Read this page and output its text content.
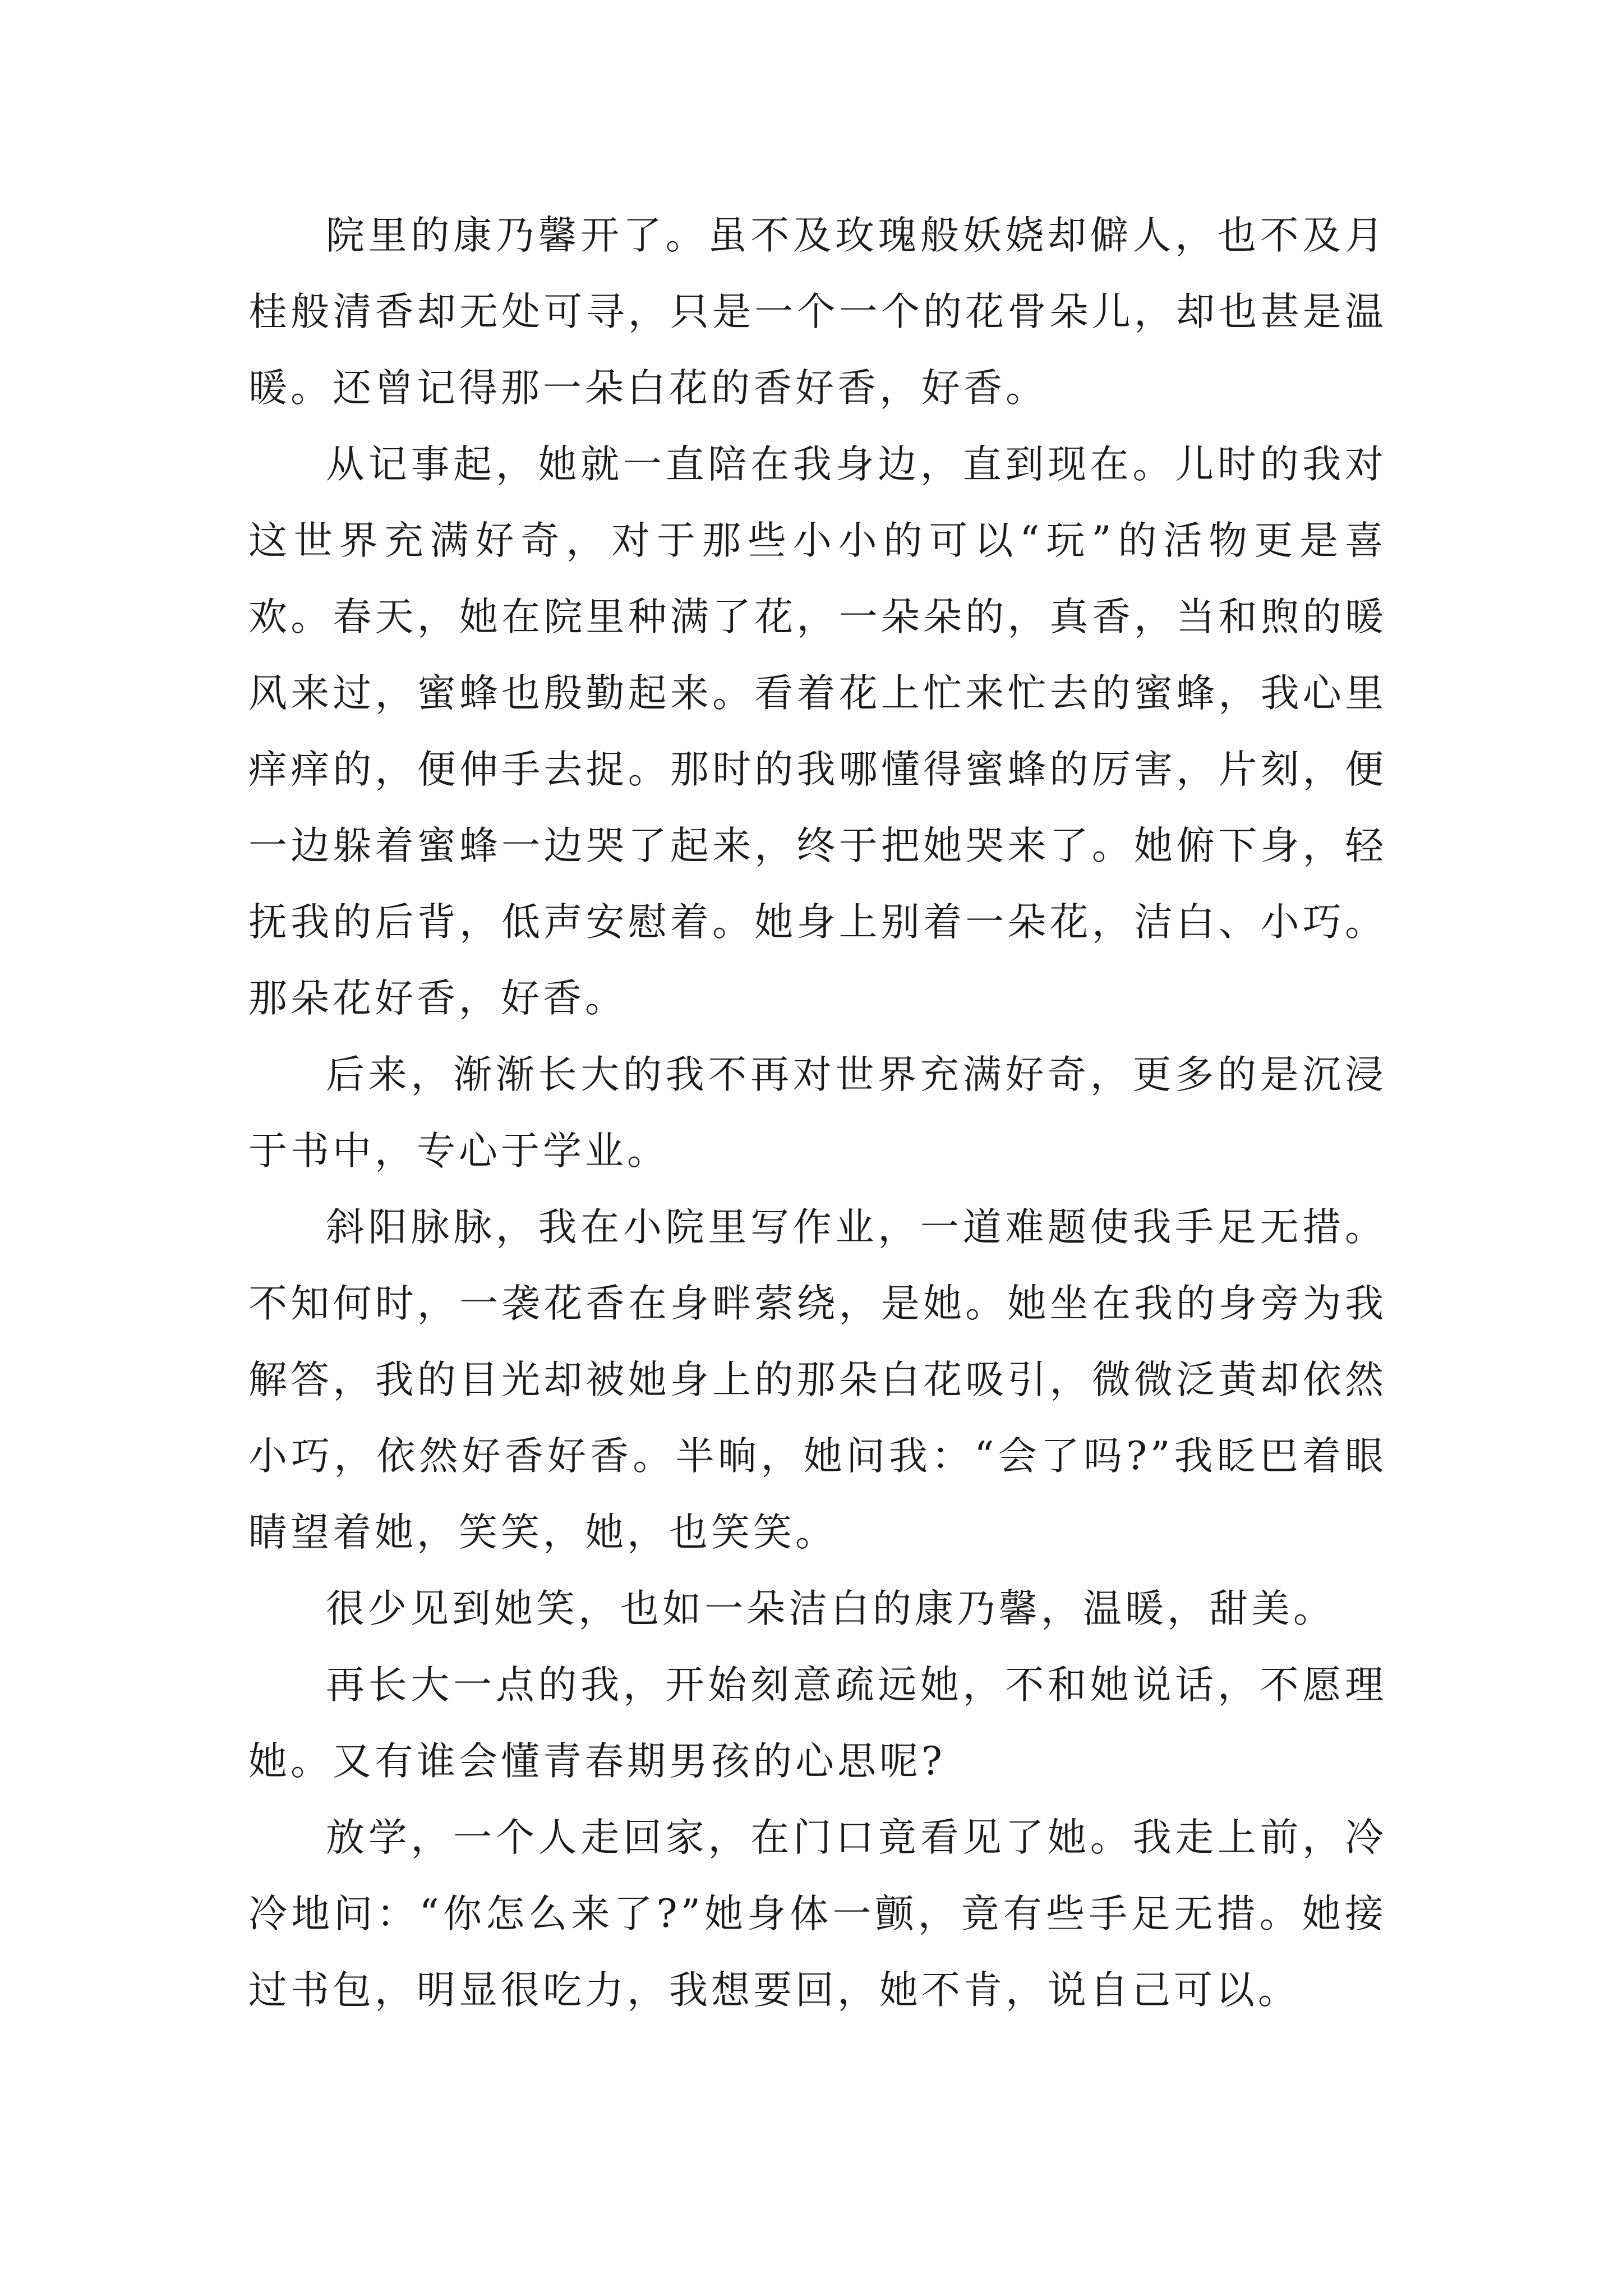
院里的康乃馨开了。虽不及玫瑰般妖娆却僻人，也不及月桂般清香却无处可寻，只是一个一个的花骨朵儿，却也甚是温暖。还曾记得那一朵白花的香好香，好香。

从记事起，她就一直陪在我身边，直到现在。儿时的我对这世界充满好奇，对于那些小小的可以“玩”的活物更是喜欢。春天，她在院里种满了花，一朵朵的，真香，当和煦的暖风来过，蜜蜂也殷勤起来。看着花上忙来忙去的蜜蜂，我心里痒痒的，便伸手去捉。那时的我哪懂得蜜蜂的厉害，片刻，便一边躲着蜜蜂一边哭了起来，终于把她哭来了。她俯下身，轻抚我的后背，低声安慰着。她身上别着一朵花，洁白、小巧。那朵花好香，好香。

后来，渐渐长大的我不再对世界充满好奇，更多的是沉浸于书中，专心于学业。

斜阳脉脉，我在小院里写作业，一道难题使我手足无措。不知何时，一袭花香在身畔萦绕，是她。她坐在我的身旁为我解答，我的目光却被她身上的那朵白花吸引，微微泛黄却依然小巧，依然好香好香。半晌，她问我：“会了吗?”我眨巴着眼睛望着她，笑笑，她，也笑笑。

很少见到她笑，也如一朵洁白的康乃馨，温暖，甜美。

再长大一点的我，开始刻意疏远她，不和她说话，不愿理她。又有谁会懂青春期男孩的心思呢?

放学，一个人走回家，在门口竟看见了她。我走上前，冷冷地问：“你怎么来了?”她身体一颤，竟有些手足无措。她接过书包，明显很吃力，我想要回，她不肯，说自己可以。
